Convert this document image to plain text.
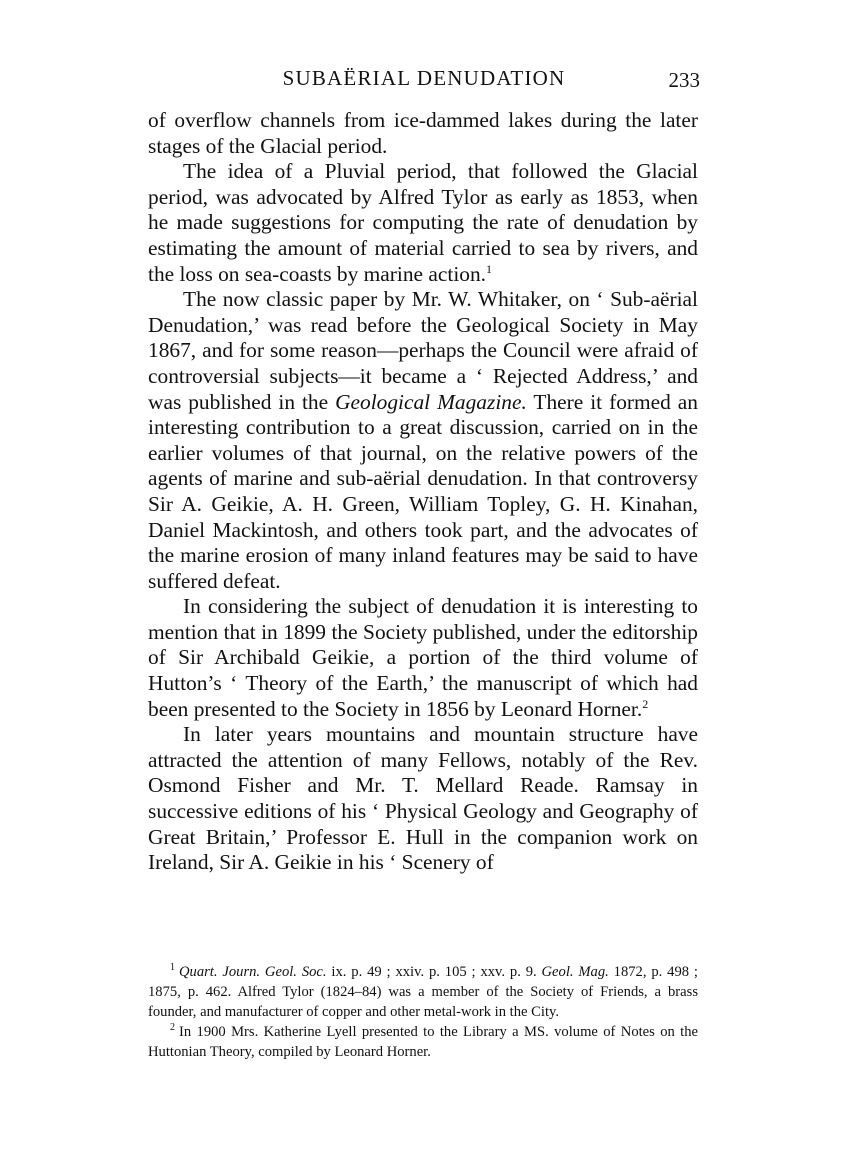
SUBAËRIAL DENUDATION	233

of overflow channels from ice-dammed lakes during the later stages of the Glacial period.

The idea of a Pluvial period, that followed the Glacial period, was advocated by Alfred Tylor as early as 1853, when he made suggestions for computing the rate of denudation by estimating the amount of material carried to sea by rivers, and the loss on sea-coasts by marine action.$^1$

The now classic paper by Mr. W. Whitaker, on ‘ Sub-aërial Denudation,’ was read before the Geological Society in May 1867, and for some reason—perhaps the Council were afraid of controversial subjects—it became a ‘ Rejected Address,’ and was published in the Geological Magazine. There it formed an interesting contribution to a great discussion, carried on in the earlier volumes of that journal, on the relative powers of the agents of marine and sub-aërial denudation. In that controversy Sir A. Geikie, A. H. Green, William Topley, G. H. Kinahan, Daniel Mackintosh, and others took part, and the advocates of the marine erosion of many inland features may be said to have suffered defeat.

In considering the subject of denudation it is interesting to mention that in 1899 the Society published, under the editorship of Sir Archibald Geikie, a portion of the third volume of Hutton’s ‘ Theory of the Earth,’ the manuscript of which had been presented to the Society in 1856 by Leonard Horner.$^2$

In later years mountains and mountain structure have attracted the attention of many Fellows, notably of the Rev. Osmond Fisher and Mr. T. Mellard Reade. Ramsay in successive editions of his ‘ Physical Geology and Geography of Great Britain,’ Professor E. Hull in the companion work on Ireland, Sir A. Geikie in his ‘ Scenery of

$^1$ Quart. Journ. Geol. Soc. ix. p. 49 ; xxiv. p. 105 ; xxv. p. 9. Geol. Mag. 1872, p. 498 ; 1875, p. 462. Alfred Tylor (1824–84) was a member of the Society of Friends, a brass founder, and manufacturer of copper and other metal-work in the City.

$^2$ In 1900 Mrs. Katherine Lyell presented to the Library a MS. volume of Notes on the Huttonian Theory, compiled by Leonard Horner.
